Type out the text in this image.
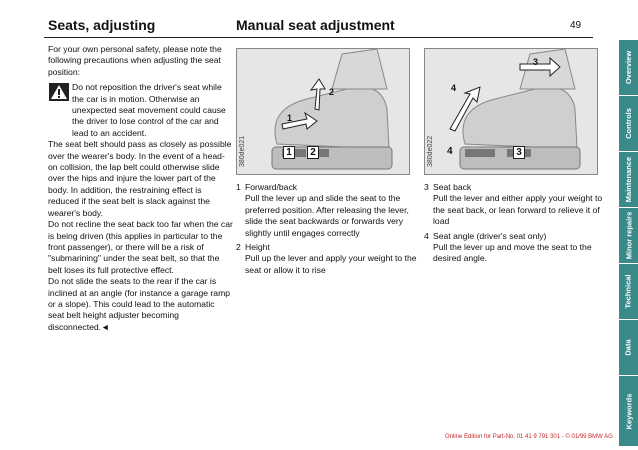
Seats, adjusting	Manual seat adjustment	49

For your own personal safety, please note the following precautions when adjusting the seat position:

Do not reposition the driver's seat while the car is in motion. Otherwise an unexpected seat movement could cause the driver to lose control of the car and lead to an accident.

The seat belt should pass as closely as possible over the wearer's body. In the event of a head-on collision, the lap belt could otherwise slide over the hips and injure the lower part of the body. In addition, the restraining effect is reduced if the seat belt is slack against the wearer's body.

Do not recline the seat back too far when the car is being driven (this applies in particular to the front passenger), or there will be a risk of "submarining" under the seat belt, so that the belt loses its full protective effect.

Do not slide the seats to the rear if the car is inclined at an angle (for instance a garage ramp or a slope). This could lead to the automatic seat belt height adjuster becoming disconnected.◄

380de021	1	2
1
2
380de022
3
4
4	3
1 Forward/back
Pull the lever up and slide the seat to the preferred position. After releasing the lever, slide the seat backwards or forwards very slightly until engages correctly
2 Height
Pull up the lever and apply your weight to the seat or allow it to rise
3 Seat back
Pull the lever and either apply your weight to the seat back, or lean forward to relieve it of load
4 Seat angle (driver's seat only)
Pull the lever up and move the seat to the desired angle.
Overview
Controls
Maintenance
Minor repairs
Technical
Data
Keywords
Online Edition for Part-No. 01 41 9 791 301 - © 01/99 BMW AG
